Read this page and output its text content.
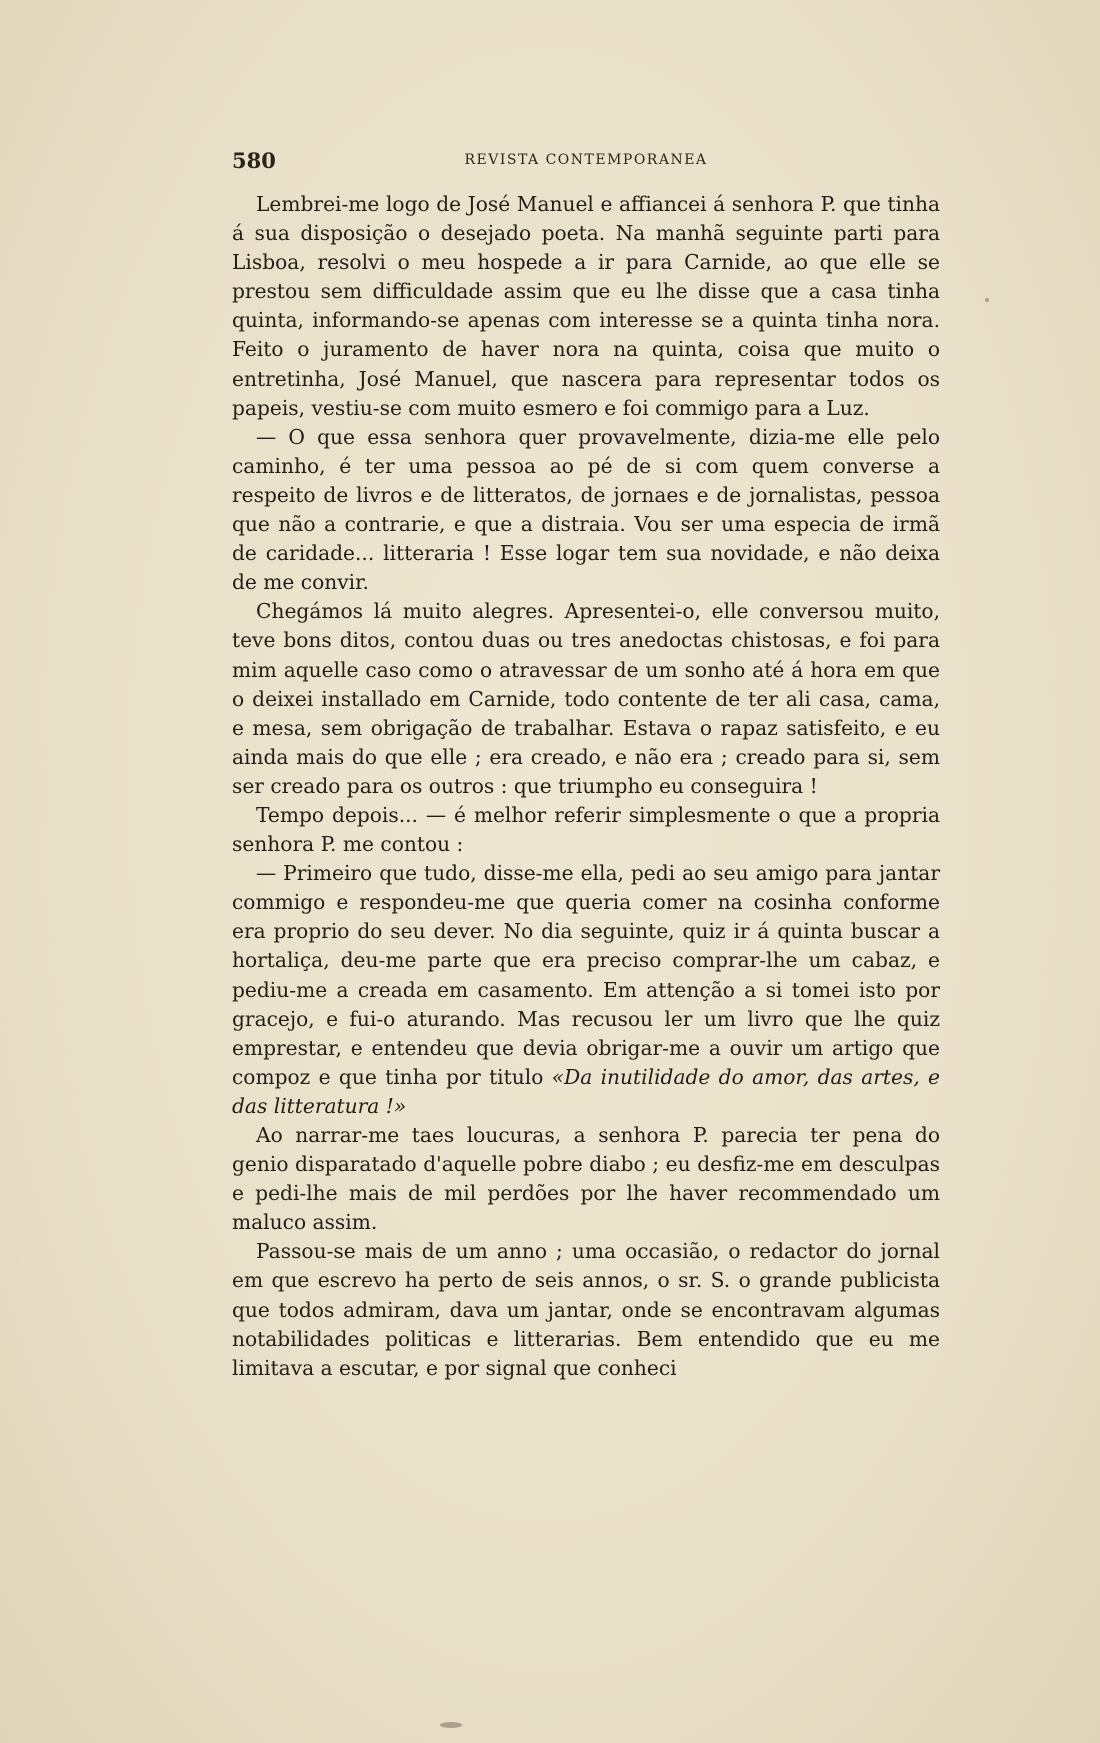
580	REVISTA CONTEMPORANEA

Lembrei-me logo de José Manuel e affiancei á senhora P. que tinha á sua disposição o desejado poeta. Na manhã seguinte parti para Lisboa, resolvi o meu hospede a ir para Carnide, ao que elle se prestou sem difficuldade assim que eu lhe disse que a casa tinha quinta, informando-se apenas com interesse se a quinta tinha nora. Feito o juramento de haver nora na quinta, coisa que muito o entretinha, José Manuel, que nascera para representar todos os papeis, vestiu-se com muito esmero e foi commigo para a Luz.

— O que essa senhora quer provavelmente, dizia-me elle pelo caminho, é ter uma pessoa ao pé de si com quem converse a respeito de livros e de litteratos, de jornaes e de jornalistas, pessoa que não a contrarie, e que a distraia. Vou ser uma especia de irmã de caridade... litteraria ! Esse logar tem sua novidade, e não deixa de me convir.

Chegámos lá muito alegres. Apresentei-o, elle conversou muito, teve bons ditos, contou duas ou tres anedoctas chistosas, e foi para mim aquelle caso como o atravessar de um sonho até á hora em que o deixei installado em Carnide, todo contente de ter ali casa, cama, e mesa, sem obrigação de trabalhar. Estava o rapaz satisfeito, e eu ainda mais do que elle ; era creado, e não era ; creado para si, sem ser creado para os outros : que triumpho eu conseguira !

Tempo depois... — é melhor referir simplesmente o que a propria senhora P. me contou :

— Primeiro que tudo, disse-me ella, pedi ao seu amigo para jantar commigo e respondeu-me que queria comer na cosinha conforme era proprio do seu dever. No dia seguinte, quiz ir á quinta buscar a hortaliça, deu-me parte que era preciso comprar-lhe um cabaz, e pediu-me a creada em casamento. Em attenção a si tomei isto por gracejo, e fui-o aturando. Mas recusou ler um livro que lhe quiz emprestar, e entendeu que devia obrigar-me a ouvir um artigo que compoz e que tinha por titulo «Da inutilidade do amor, das artes, e das litteratura !»

Ao narrar-me taes loucuras, a senhora P. parecia ter pena do genio disparatado d'aquelle pobre diabo ; eu desfiz-me em desculpas e pedi-lhe mais de mil perdões por lhe haver recommendado um maluco assim.

Passou-se mais de um anno ; uma occasião, o redactor do jornal em que escrevo ha perto de seis annos, o sr. S. o grande publicista que todos admiram, dava um jantar, onde se encontravam algumas notabilidades politicas e litterarias. Bem entendido que eu me limitava a escutar, e por signal que conheci
